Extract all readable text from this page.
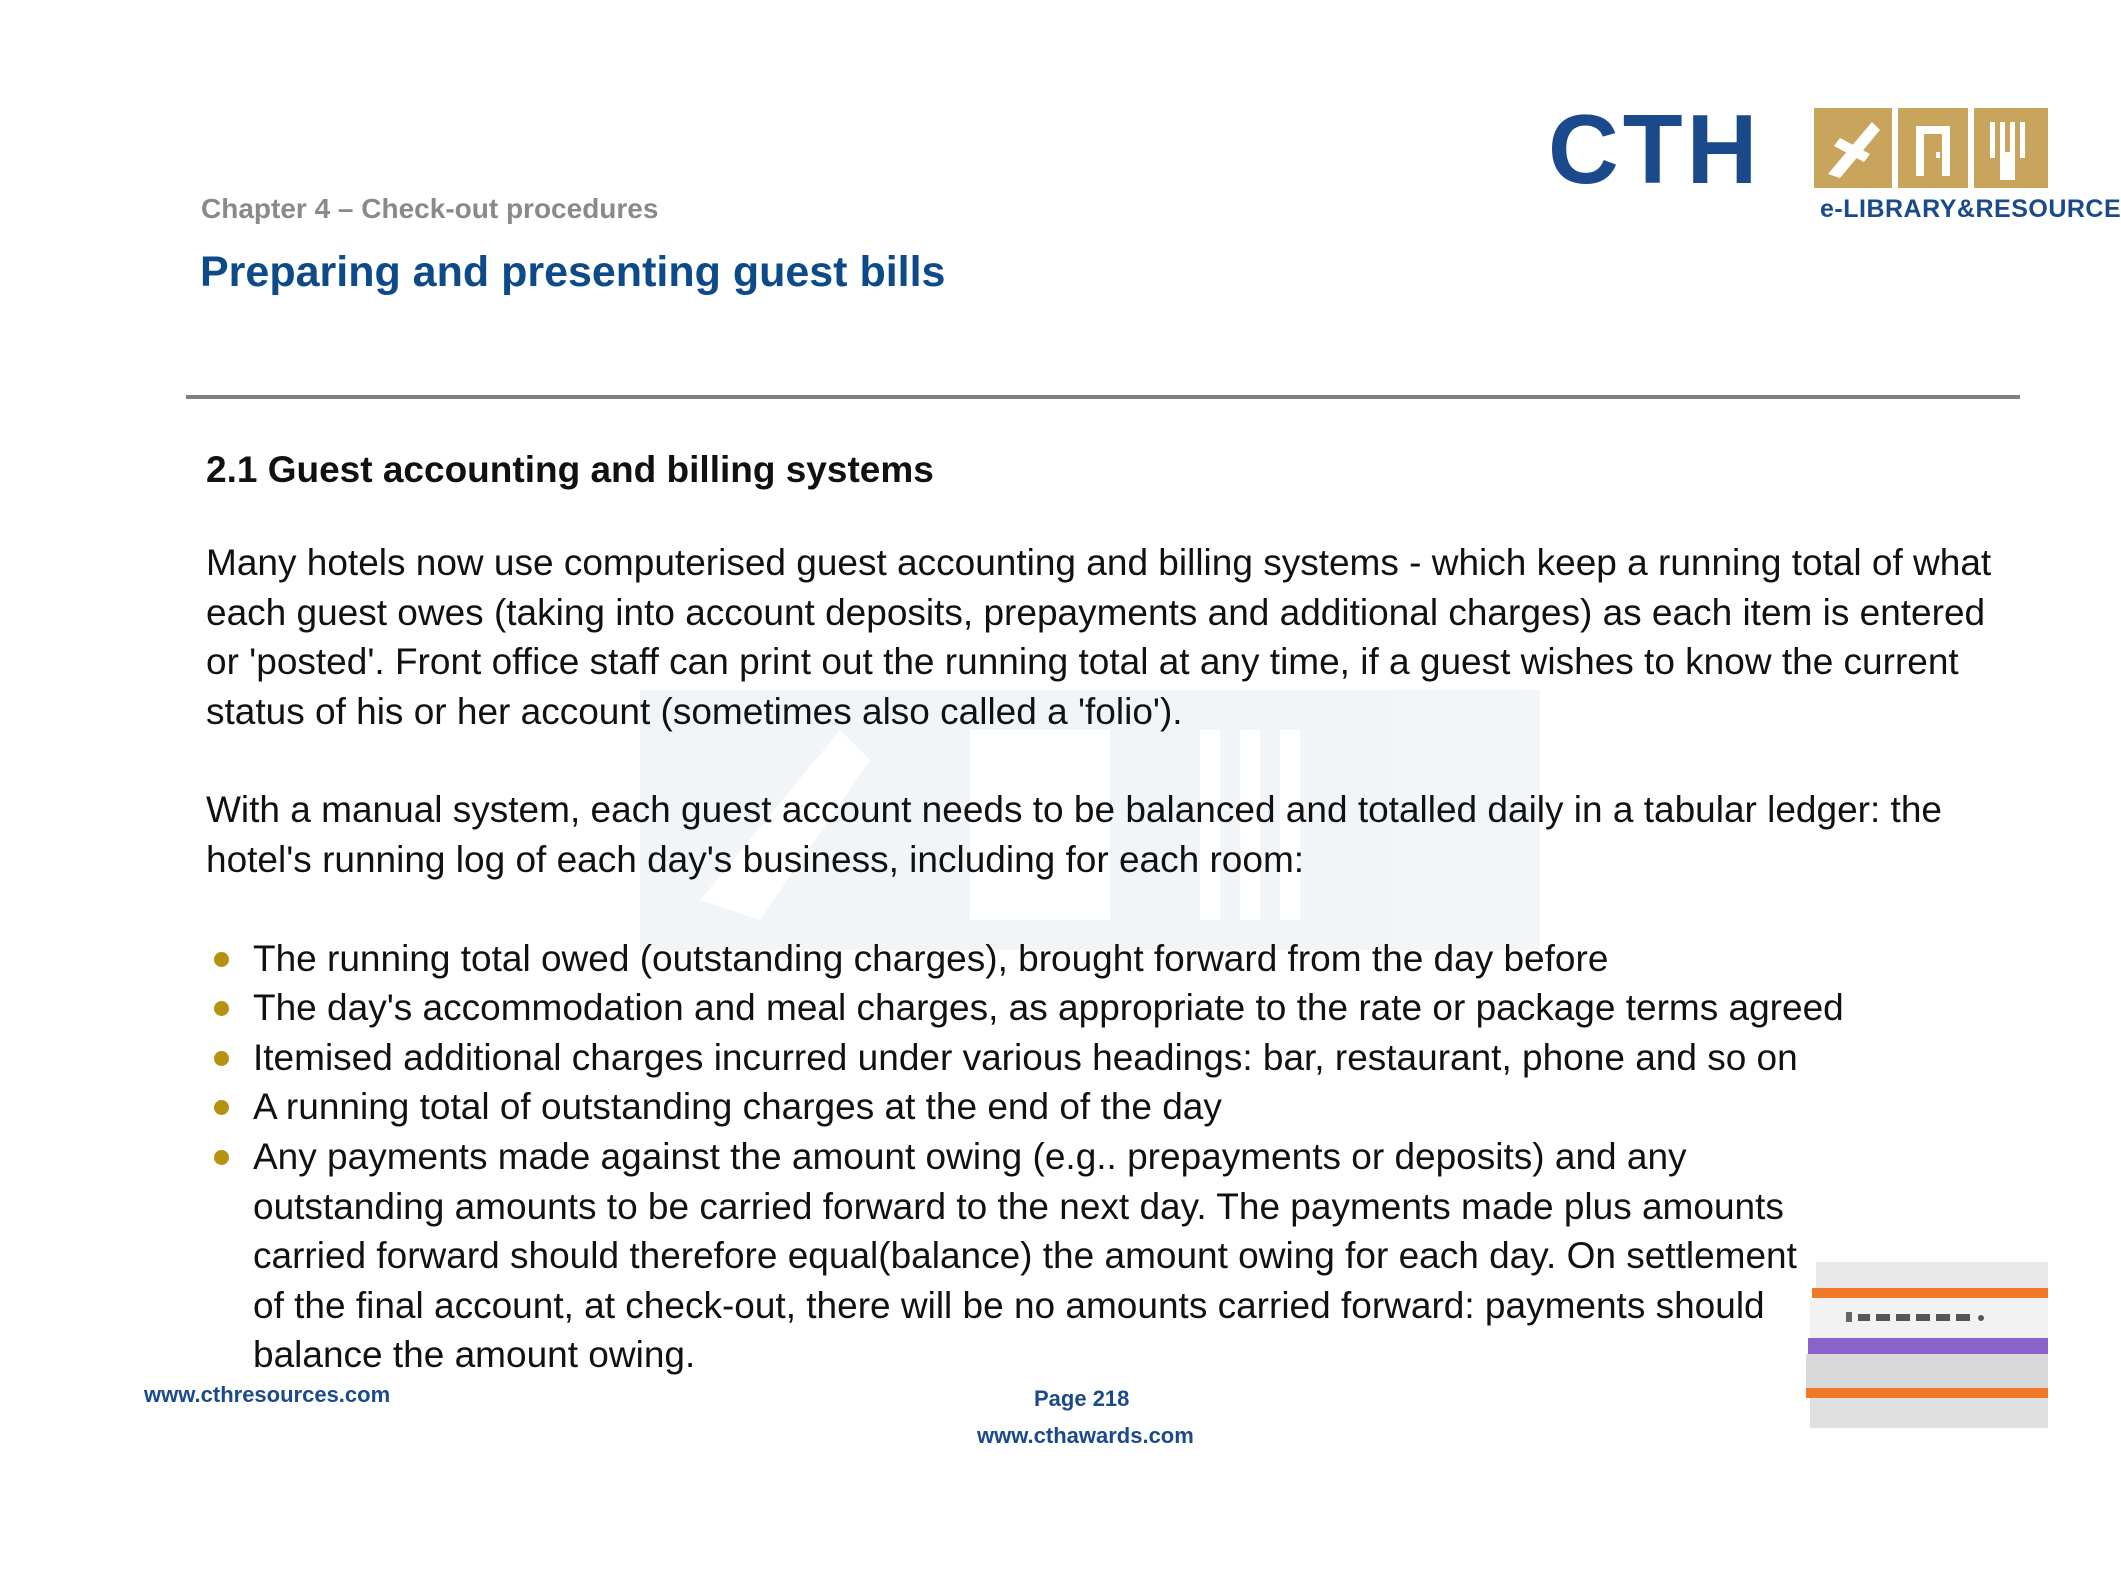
CTH
e-LIBRARY&RESOURCE
Chapter 4 – Check-out procedures
Preparing and presenting guest bills
2.1 Guest accounting and billing systems

Many hotels now use computerised guest accounting and billing systems - which keep a running total of what each guest owes (taking into account deposits, prepayments and additional charges) as each item is entered or 'posted'. Front office staff can print out the running total at any time, if a guest wishes to know the current status of his or her account (sometimes also called a 'folio').

With a manual system, each guest account needs to be balanced and totalled daily in a tabular ledger: the hotel's running log of each day's business, including for each room:

The running total owed (outstanding charges), brought forward from the day before
The day's accommodation and meal charges, as appropriate to the rate or package terms agreed
Itemised additional charges incurred under various headings: bar, restaurant, phone and so on
A running total of outstanding charges at the end of the day
Any payments made against the amount owing (e.g.. prepayments or deposits) and any outstanding amounts to be carried forward to the next day. The payments made plus amounts carried forward should therefore equal(balance) the amount owing for each day. On settlement of the final account, at check-out, there will be no amounts carried forward: payments should balance the amount owing.
www.cthresources.com	Page 218
www.cthawards.com
